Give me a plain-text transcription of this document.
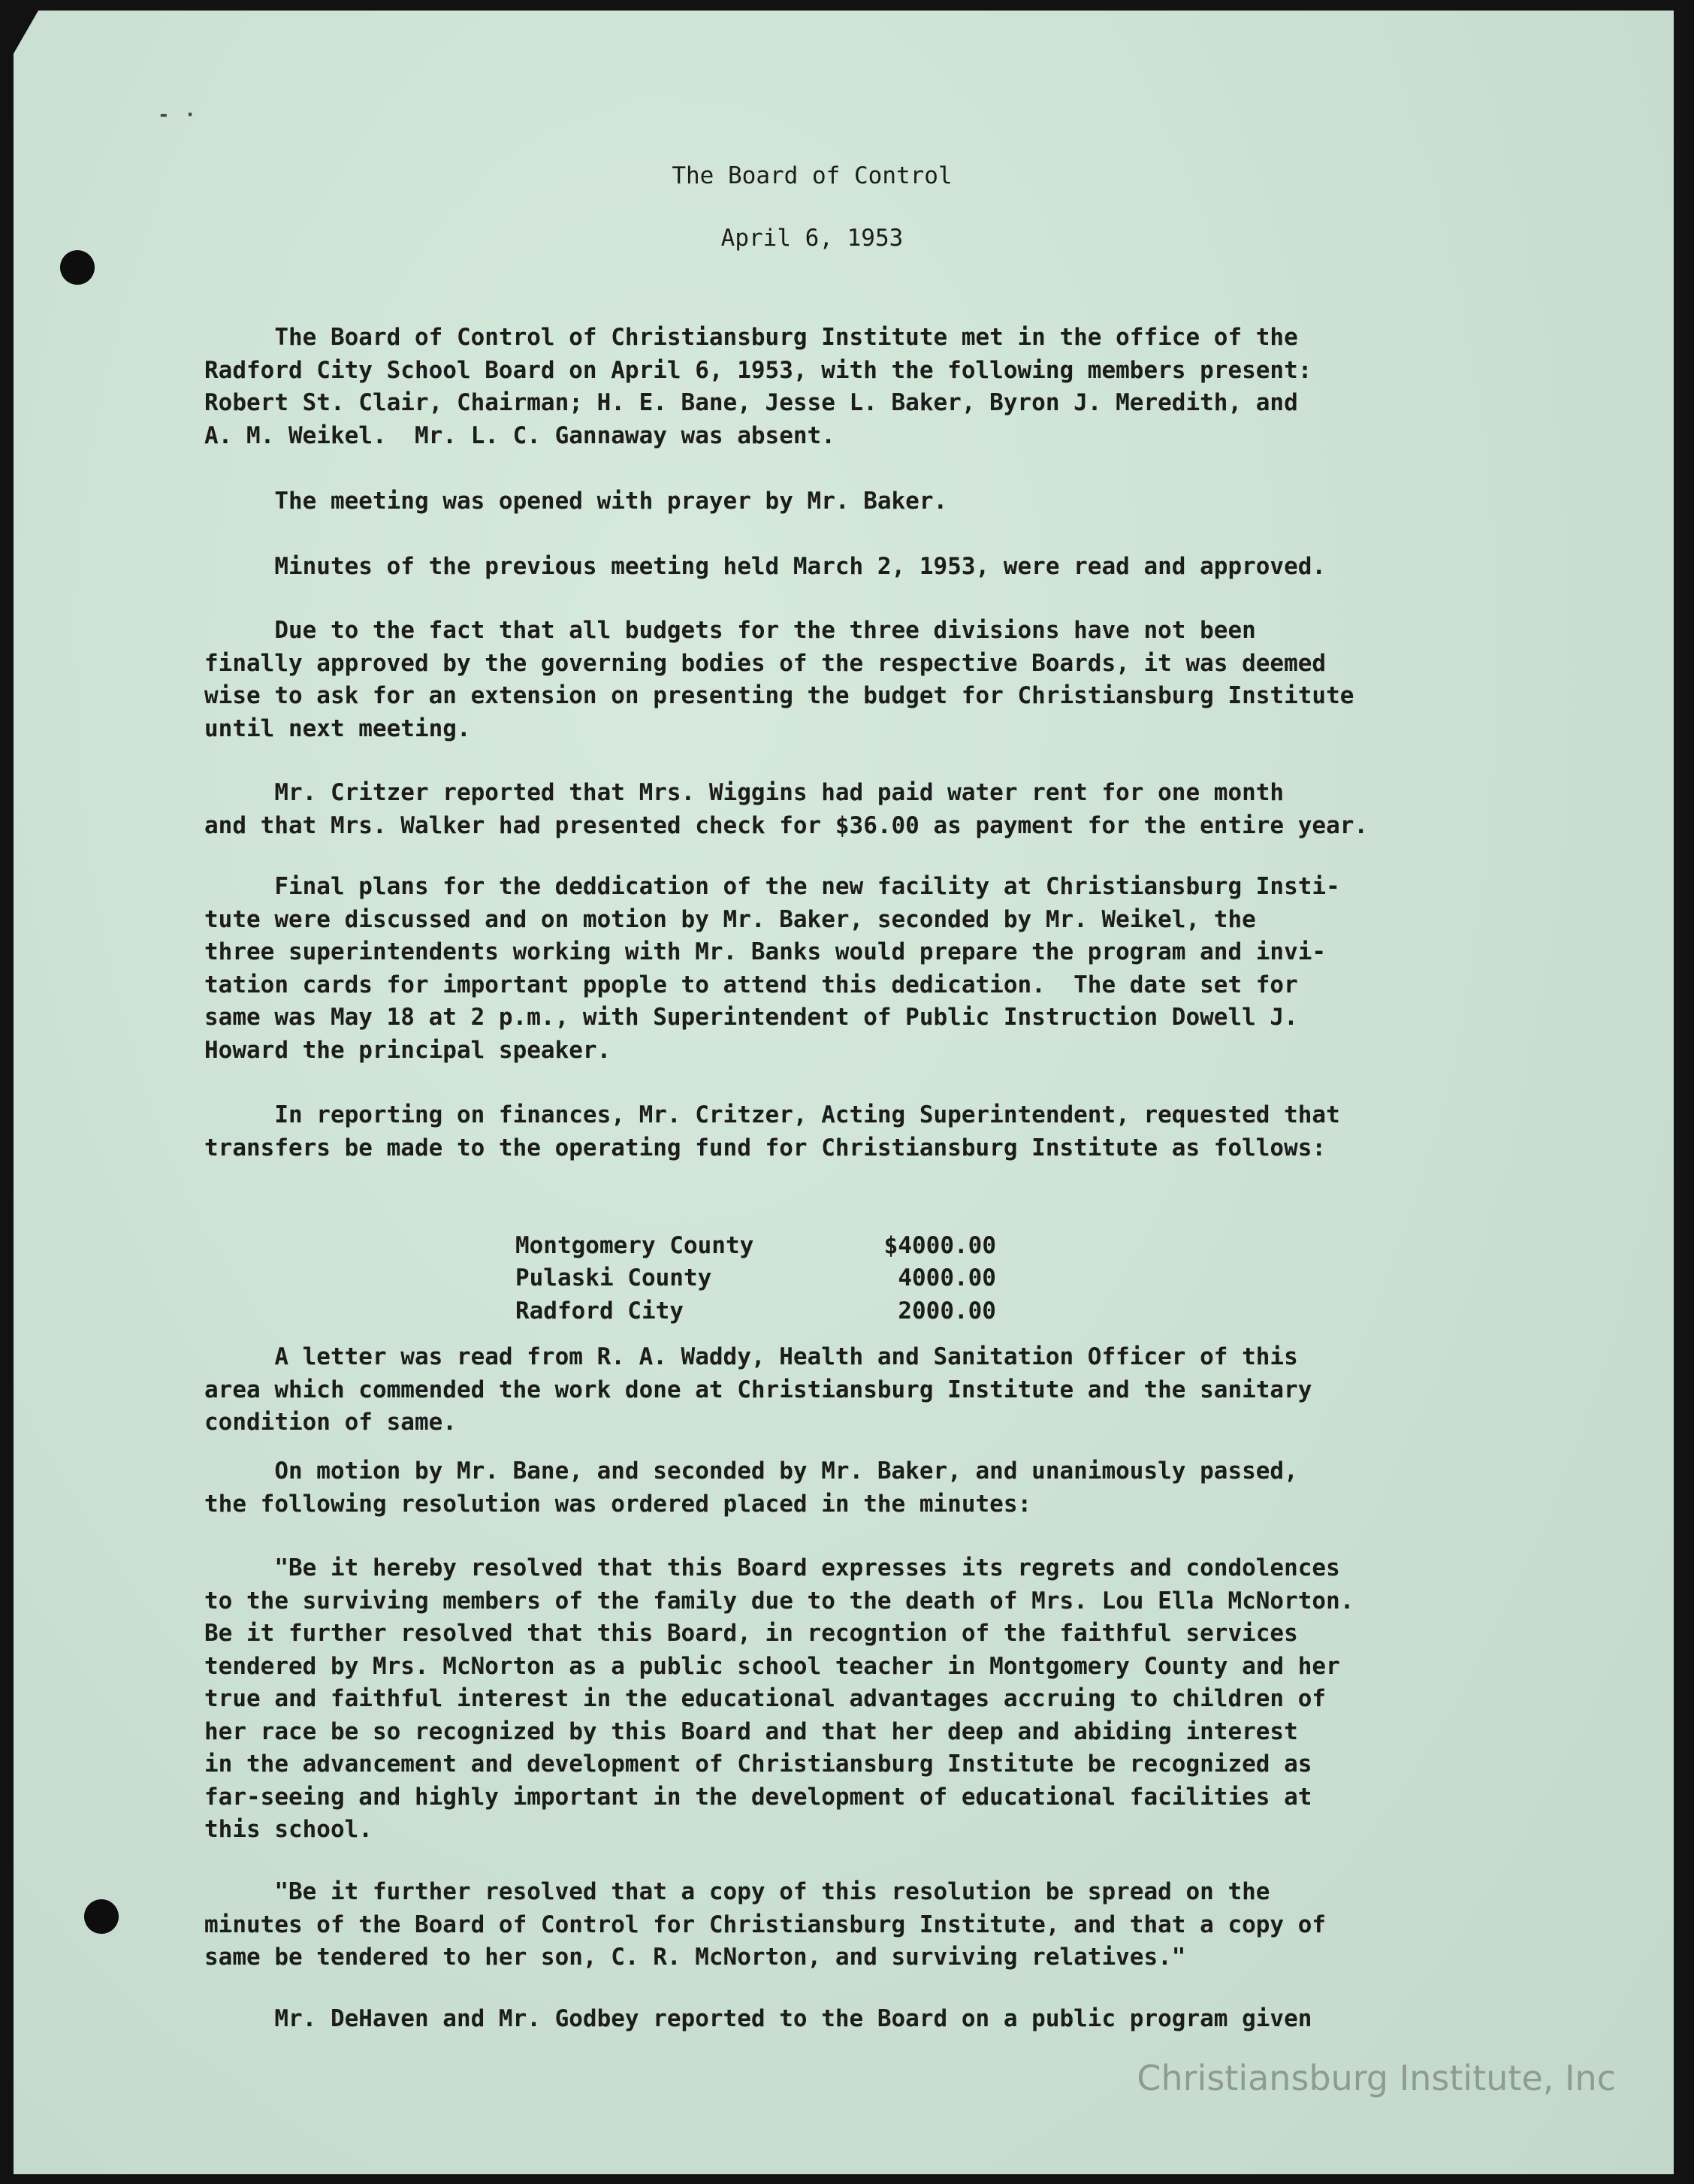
- ·
The Board of Control
April 6, 1953
The Board of Control of Christiansburg Institute met in the office of the
Radford City School Board on April 6, 1953, with the following members present:
Robert St. Clair, Chairman; H. E. Bane, Jesse L. Baker, Byron J. Meredith, and
A. M. Weikel.  Mr. L. C. Gannaway was absent.
The meeting was opened with prayer by Mr. Baker.
Minutes of the previous meeting held March 2, 1953, were read and approved.
Due to the fact that all budgets for the three divisions have not been
finally approved by the governing bodies of the respective Boards, it was deemed
wise to ask for an extension on presenting the budget for Christiansburg Institute
until next meeting.
Mr. Critzer reported that Mrs. Wiggins had paid water rent for one month
and that Mrs. Walker had presented check for $36.00 as payment for the entire year.
Final plans for the deddication of the new facility at Christiansburg Insti-
tute were discussed and on motion by Mr. Baker, seconded by Mr. Weikel, the
three superintendents working with Mr. Banks would prepare the program and invi-
tation cards for important ppople to attend this dedication.  The date set for
same was May 18 at 2 p.m., with Superintendent of Public Instruction Dowell J.
Howard the principal speaker.
In reporting on finances, Mr. Critzer, Acting Superintendent, requested that
transfers be made to the operating fund for Christiansburg Institute as follows:

Montgomery County	$4000.00

Pulaski County	4000.00

Radford City	2000.00

A letter was read from R. A. Waddy, Health and Sanitation Officer of this
area which commended the work done at Christiansburg Institute and the sanitary
condition of same.
On motion by Mr. Bane, and seconded by Mr. Baker, and unanimously passed,
the following resolution was ordered placed in the minutes:
"Be it hereby resolved that this Board expresses its regrets and condolences
to the surviving members of the family due to the death of Mrs. Lou Ella McNorton.
Be it further resolved that this Board, in recogntion of the faithful services
tendered by Mrs. McNorton as a public school teacher in Montgomery County and her
true and faithful interest in the educational advantages accruing to children of
her race be so recognized by this Board and that her deep and abiding interest
in the advancement and development of Christiansburg Institute be recognized as
far-seeing and highly important in the development of educational facilities at
this school.
"Be it further resolved that a copy of this resolution be spread on the
minutes of the Board of Control for Christiansburg Institute, and that a copy of
same be tendered to her son, C. R. McNorton, and surviving relatives."
Mr. DeHaven and Mr. Godbey reported to the Board on a public program given
Christiansburg Institute, Inc
